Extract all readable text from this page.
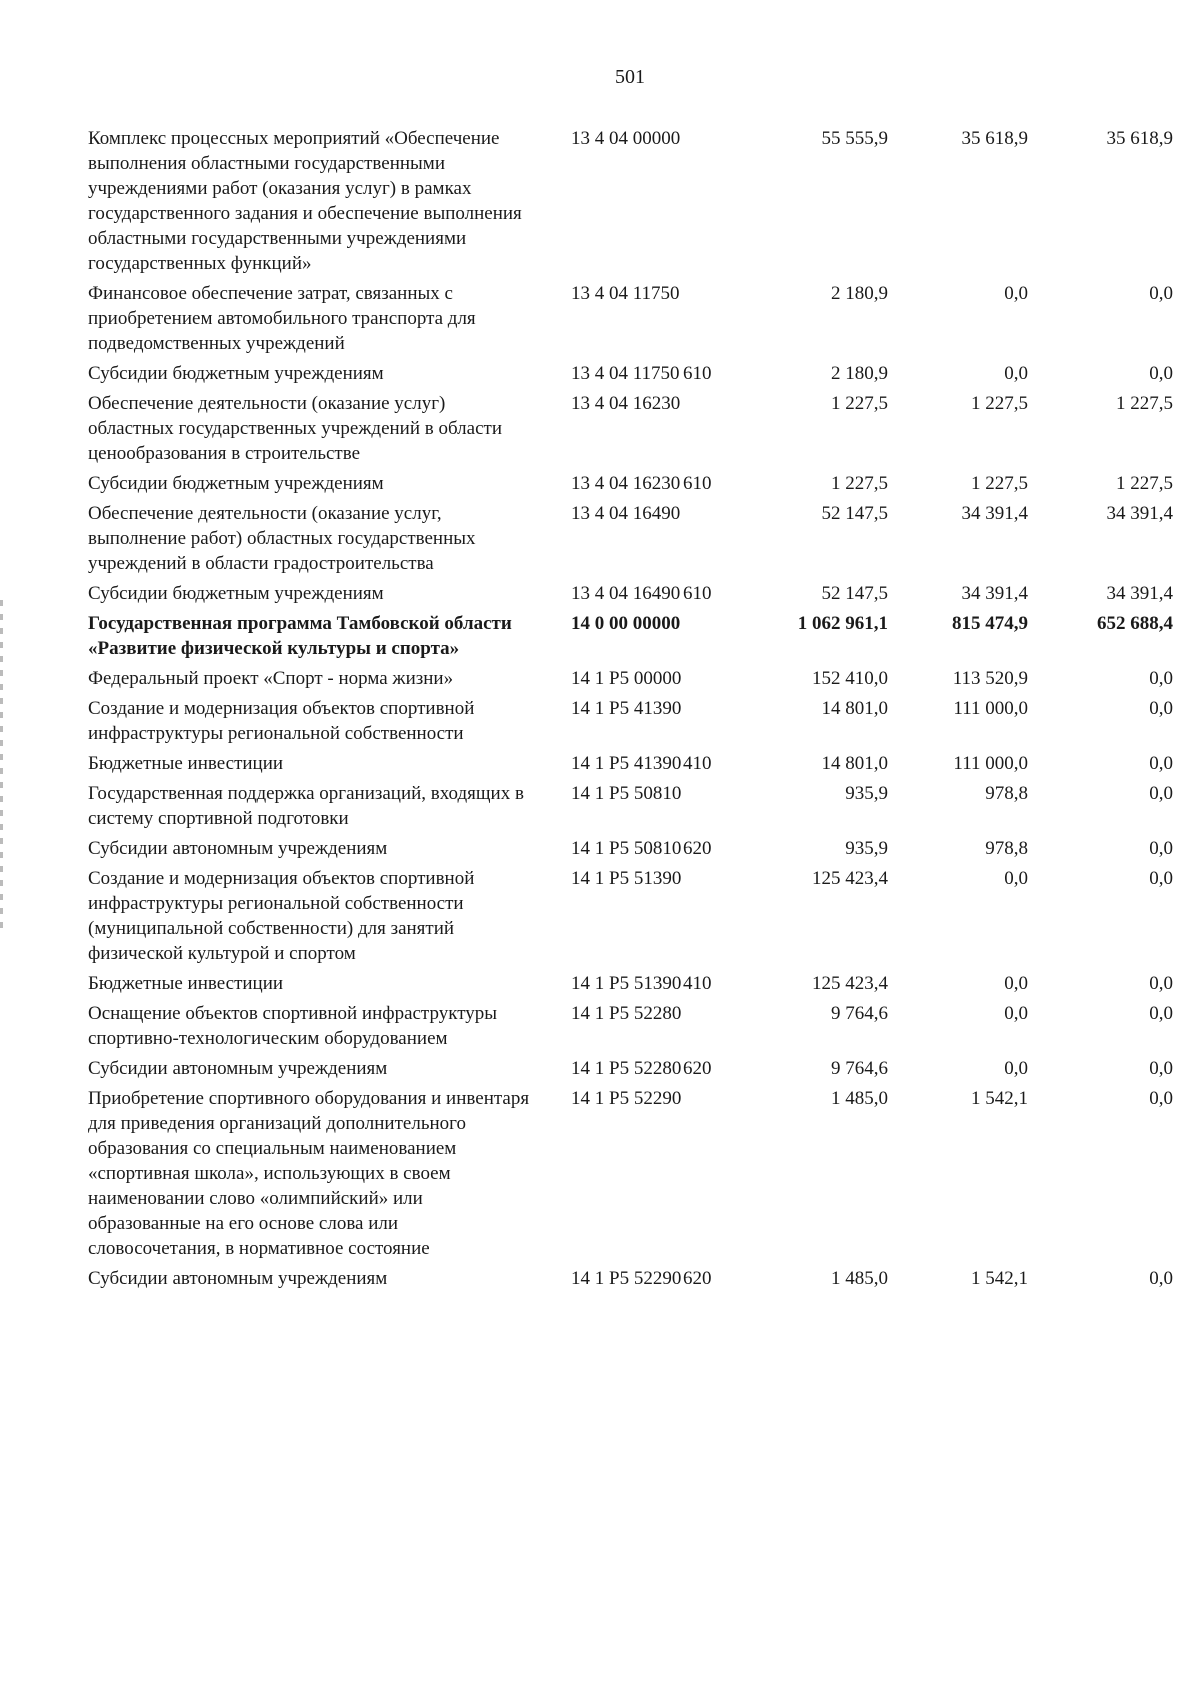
501
Комплекс процессных мероприятий «Обеспечение выполнения областными государственными учреждениями работ (оказания услуг) в рамках государственного задания и обеспечение выполнения областными государственными учреждениями государственных функций»	13 4 04 00000		55 555,9	35 618,9	35 618,9
Финансовое обеспечение затрат, связанных с приобретением автомобильного транспорта для подведомственных учреждений	13 4 04 11750		2 180,9	0,0	0,0
Субсидии бюджетным учреждениям	13 4 04 11750	610	2 180,9	0,0	0,0
Обеспечение деятельности (оказание услуг) областных государственных учреждений в области ценообразования в строительстве	13 4 04 16230		1 227,5	1 227,5	1 227,5
Субсидии бюджетным учреждениям	13 4 04 16230	610	1 227,5	1 227,5	1 227,5
Обеспечение деятельности (оказание услуг, выполнение работ) областных государственных учреждений в области градостроительства	13 4 04 16490		52 147,5	34 391,4	34 391,4
Субсидии бюджетным учреждениям	13 4 04 16490	610	52 147,5	34 391,4	34 391,4
Государственная программа Тамбовской области «Развитие физической культуры и спорта»	14 0 00 00000		1 062 961,1	815 474,9	652 688,4
Федеральный проект «Спорт - норма жизни»	14 1 P5 00000		152 410,0	113 520,9	0,0
Создание и модернизация объектов спортивной инфраструктуры региональной собственности	14 1 P5 41390		14 801,0	111 000,0	0,0
Бюджетные инвестиции	14 1 P5 41390	410	14 801,0	111 000,0	0,0
Государственная поддержка организаций, входящих в систему спортивной подготовки	14 1 P5 50810		935,9	978,8	0,0
Субсидии автономным учреждениям	14 1 P5 50810	620	935,9	978,8	0,0
Создание и модернизация объектов спортивной инфраструктуры региональной собственности (муниципальной собственности) для занятий физической культурой и спортом	14 1 P5 51390		125 423,4	0,0	0,0
Бюджетные инвестиции	14 1 P5 51390	410	125 423,4	0,0	0,0
Оснащение объектов спортивной инфраструктуры спортивно-технологическим оборудованием	14 1 P5 52280		9 764,6	0,0	0,0
Субсидии автономным учреждениям	14 1 P5 52280	620	9 764,6	0,0	0,0
Приобретение спортивного оборудования и инвентаря для приведения организаций дополнительного образования со специальным наименованием «спортивная школа», использующих в своем наименовании слово «олимпийский» или образованные на его основе слова или словосочетания, в нормативное состояние	14 1 P5 52290		1 485,0	1 542,1	0,0
Субсидии автономным учреждениям	14 1 P5 52290	620	1 485,0	1 542,1	0,0
